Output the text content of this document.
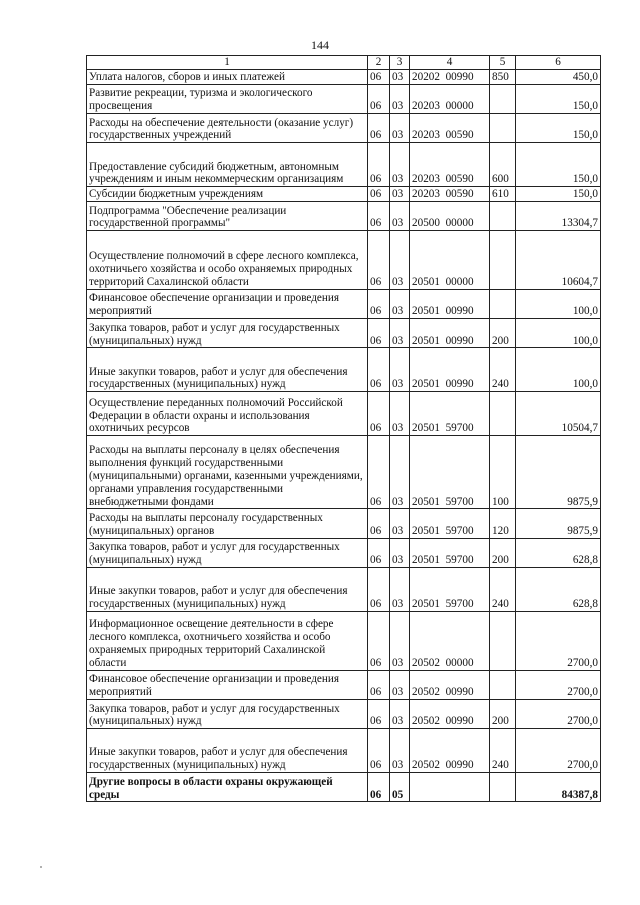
144
1	2	3	4	5	6
Уплата налогов, сборов и иных платежей	06	03	20202  00990	850	450,0
Развитие рекреации, туризма и экологического просвещения	06	03	20203  00000		150,0
Расходы на обеспечение деятельности (оказание услуг) государственных учреждений	06	03	20203  00590		150,0
Предоставление субсидий бюджетным, автономным учреждениям и иным некоммерческим организациям	06	03	20203  00590	600	150,0
Субсидии бюджетным учреждениям	06	03	20203  00590	610	150,0
Подпрограмма "Обеспечение реализации государственной программы"	06	03	20500  00000		13304,7
Осуществление полномочий в сфере лесного комплекса, охотничьего хозяйства и особо охраняемых природных территорий Сахалинской области	06	03	20501  00000		10604,7
Финансовое обеспечение организации и проведения мероприятий	06	03	20501  00990		100,0
Закупка товаров, работ и услуг для государственных (муниципальных) нужд	06	03	20501  00990	200	100,0
Иные закупки товаров, работ и услуг для обеспечения государственных (муниципальных) нужд	06	03	20501  00990	240	100,0
Осуществление переданных полномочий Российской Федерации в области охраны и использования охотничьих ресурсов	06	03	20501  59700		10504,7
Расходы на выплаты персоналу в целях обеспечения выполнения функций государственными (муниципальными) органами, казенными учреждениями, органами управления государственными внебюджетными фондами	06	03	20501  59700	100	9875,9
Расходы на выплаты персоналу государственных (муниципальных) органов	06	03	20501  59700	120	9875,9
Закупка товаров, работ и услуг для государственных (муниципальных) нужд	06	03	20501  59700	200	628,8
Иные закупки товаров, работ и услуг для обеспечения государственных (муниципальных) нужд	06	03	20501  59700	240	628,8
Информационное освещение деятельности в сфере лесного комплекса, охотничьего хозяйства и особо охраняемых природных территорий Сахалинской области	06	03	20502  00000		2700,0
Финансовое обеспечение организации и проведения мероприятий	06	03	20502  00990		2700,0
Закупка товаров, работ и услуг для государственных (муниципальных) нужд	06	03	20502  00990	200	2700,0
Иные закупки товаров, работ и услуг для обеспечения государственных (муниципальных) нужд	06	03	20502  00990	240	2700,0
Другие вопросы в области охраны окружающей среды	06	05			84387,8
